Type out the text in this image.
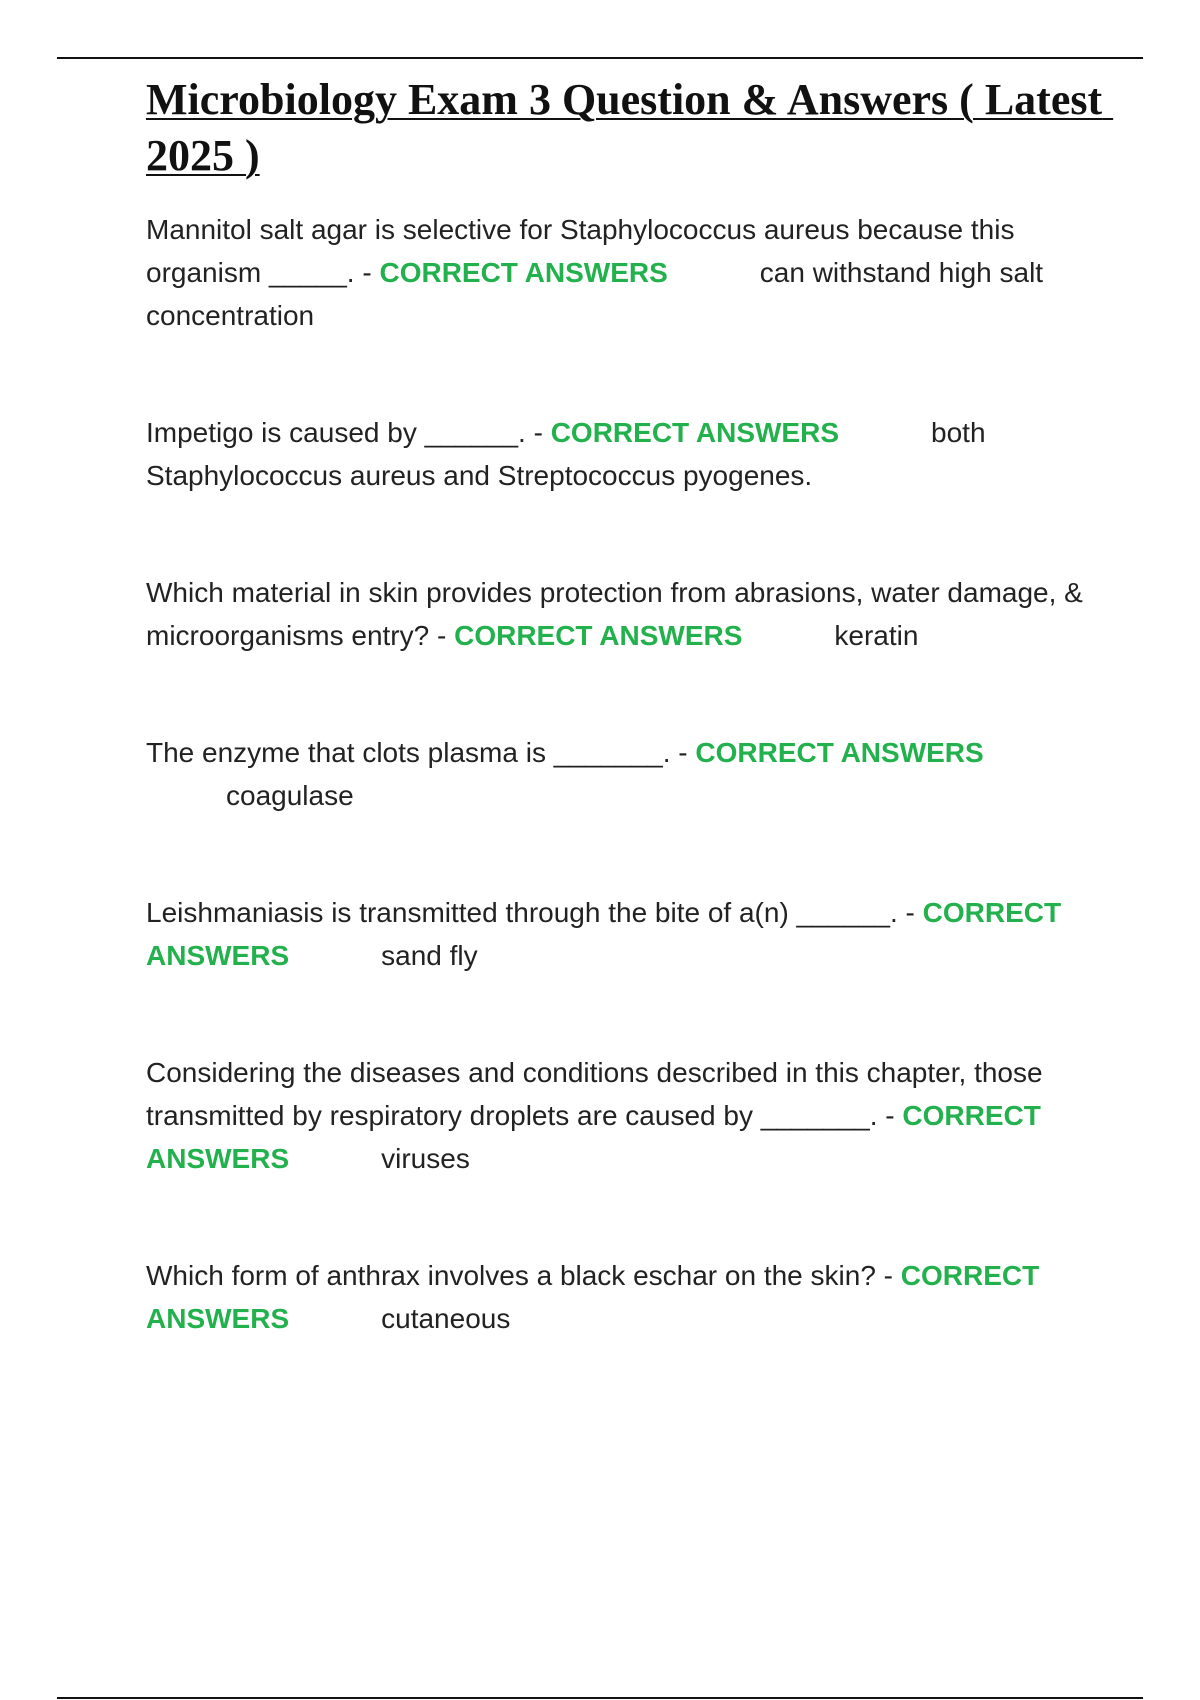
Microbiology Exam 3 Question & Answers ( Latest 2025 )

Mannitol salt agar is selective for Staphylococcus aureus because this organism _____. - CORRECT ANSWERS	can withstand high salt concentration

Impetigo is caused by ______. - CORRECT ANSWERS	both Staphylococcus aureus and Streptococcus pyogenes.

Which material in skin provides protection from abrasions, water damage, & microorganisms entry? - CORRECT ANSWERS	keratin

The enzyme that clots plasma is _______. - CORRECT ANSWERS
coagulase

Leishmaniasis is transmitted through the bite of a(n) ______. - CORRECT ANSWERS	sand fly

Considering the diseases and conditions described in this chapter, those transmitted by respiratory droplets are caused by _______. - CORRECT ANSWERS	viruses

Which form of anthrax involves a black eschar on the skin? - CORRECT ANSWERS	cutaneous
